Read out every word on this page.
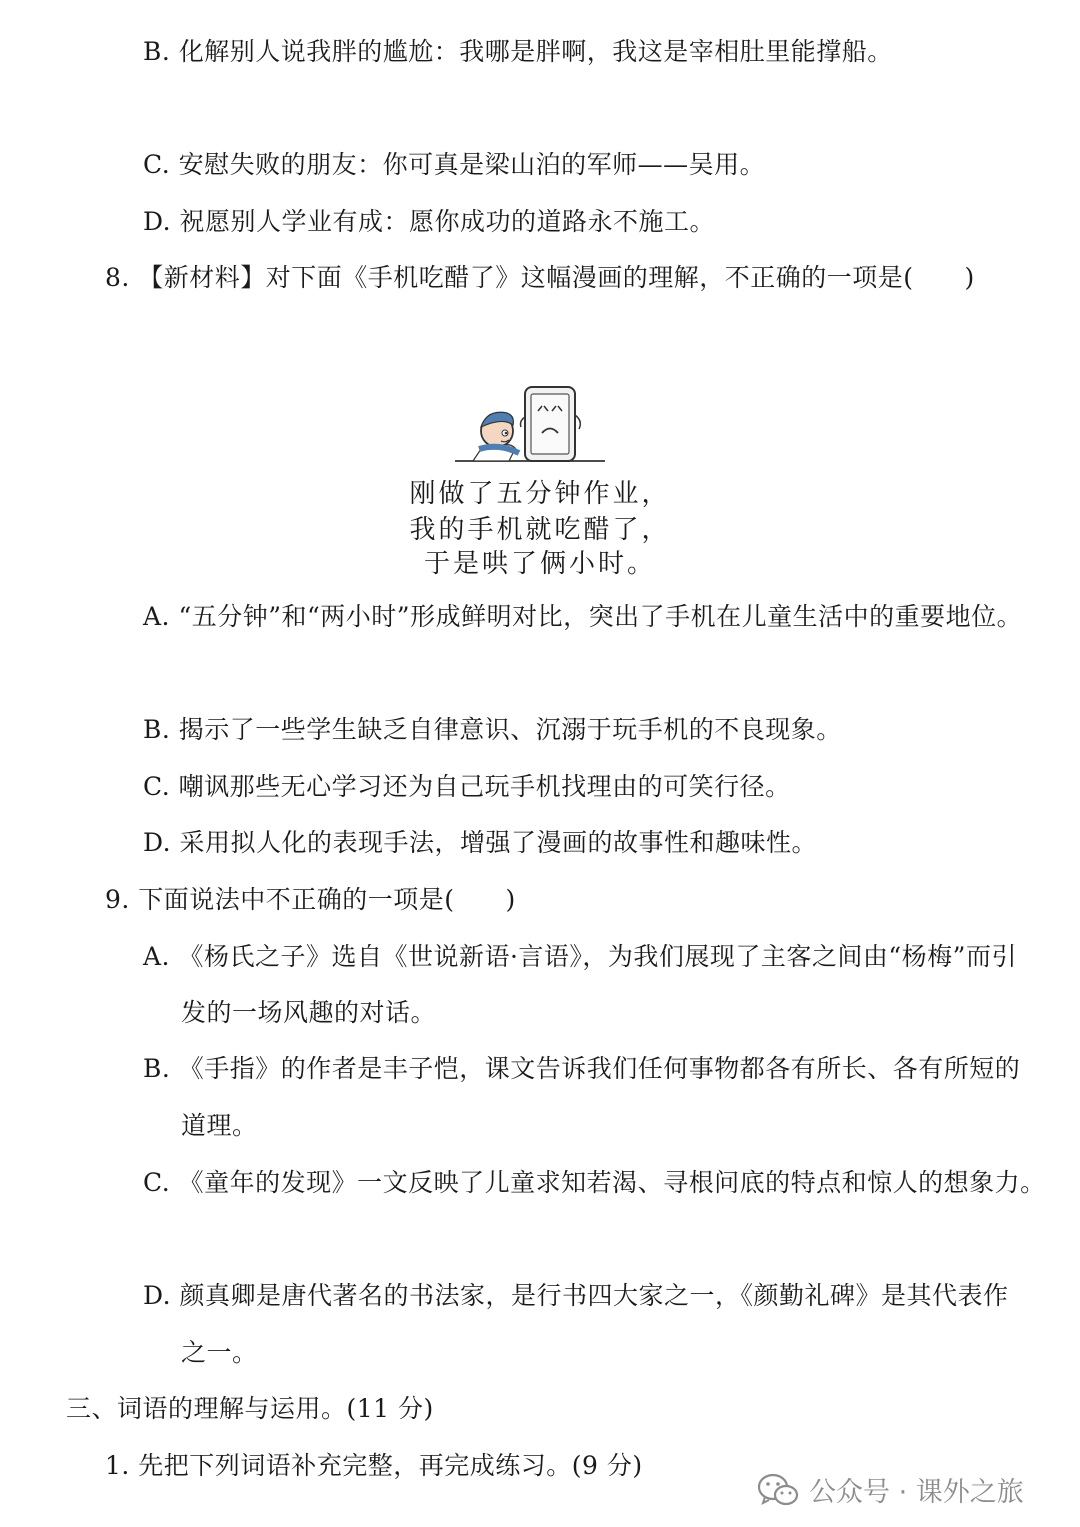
B. 化解别人说我胖的尴尬：我哪是胖啊，我这是宰相肚里能撑船。
C. 安慰失败的朋友：你可真是梁山泊的军师——吴用。
D. 祝愿别人学业有成：愿你成功的道路永不施工。
8. 【新材料】对下面《手机吃醋了》这幅漫画的理解，不正确的一项是(　　)
刚做了五分钟作业，
我的手机就吃醋了，
于是哄了俩小时。
A. “五分钟”和“两小时”形成鲜明对比，突出了手机在儿童生活中的重要地位。
B. 揭示了一些学生缺乏自律意识、沉溺于玩手机的不良现象。
C. 嘲讽那些无心学习还为自己玩手机找理由的可笑行径。
D. 采用拟人化的表现手法，增强了漫画的故事性和趣味性。
9. 下面说法中不正确的一项是(　　)
A. 《杨氏之子》选自《世说新语·言语》，为我们展现了主客之间由“杨梅”而引
发的一场风趣的对话。
B. 《手指》的作者是丰子恺，课文告诉我们任何事物都各有所长、各有所短的
道理。
C. 《童年的发现》一文反映了儿童求知若渴、寻根问底的特点和惊人的想象力。
D. 颜真卿是唐代著名的书法家，是行书四大家之一，《颜勤礼碑》是其代表作
之一。
三、词语的理解与运用。(11 分)
1. 先把下列词语补充完整，再完成练习。(9 分)
公众号 · 课外之旅
